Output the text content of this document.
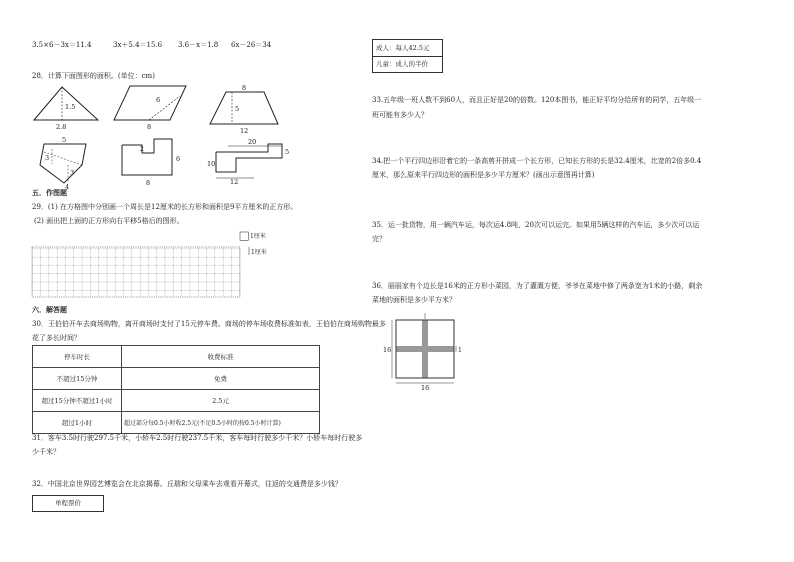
3.5×6－3x＝11.4	3x＋5.4＝15.6 3.6－x＝1.8 6x－26＝34
28．计算下面图形的面积。(单位：cm)
1.5
2.8
6
8
8
5
12
5
3
3
4
2
6
8
20
10
5
12
五．作图题
29．(1) 在方格图中分别画一个周长是12厘米的长方形和面积是9平方厘米的正方形。
(2) 画出把上面的正方形向右平移5格后的图形。
1厘米
1厘米
六．解答题
30．王伯伯开车去商场购物，离开商场时支付了15元停车费。商场的停车场收费标准如表，王伯伯在商场购物最多
花了多长时间？
停车时长	收费标准
不超过15分钟	免费
超过15分钟不超过1小时	2.5元
超过1小时	超过部分每0.5小时收2.5元(不足0.5小时的按0.5小时计算)
31．客车3.5时行驶297.5千米，小轿车2.5时行驶237.5千米，客车每时行驶多少千米？小轿车每时行驶多
少千米？
32．中国北京世界园艺博览会在北京揭幕。丘瑞和父母乘车去观看开幕式，往返的交通费是多少钱？
单程票价
成人：每人42.5元
儿童：成人的半价
33.五年级一班人数不到60人，而且正好是20的倍数。120本图书，能正好平均分给所有的同学，五年级一
班可能有多少人？
34.把一个平行四边形沿着它的一条高剪开拼成一个长方形，已知长方形的长是32.4厘米，比宽的2倍多0.4
厘米，那么原来平行四边形的面积是多少平方厘米？(画出示意图再计算)
35．运一批货物，用一辆汽车运，每次运4.8吨，20次可以运完。如果用5辆这样的汽车运，多少次可以运
完？
36．丽丽家有个边长是16米的正方形小菜园，为了灌溉方便，爷爷在菜地中修了两条宽为1米的小路，剩余
菜地的面积是多少平方米？
16	1
16
